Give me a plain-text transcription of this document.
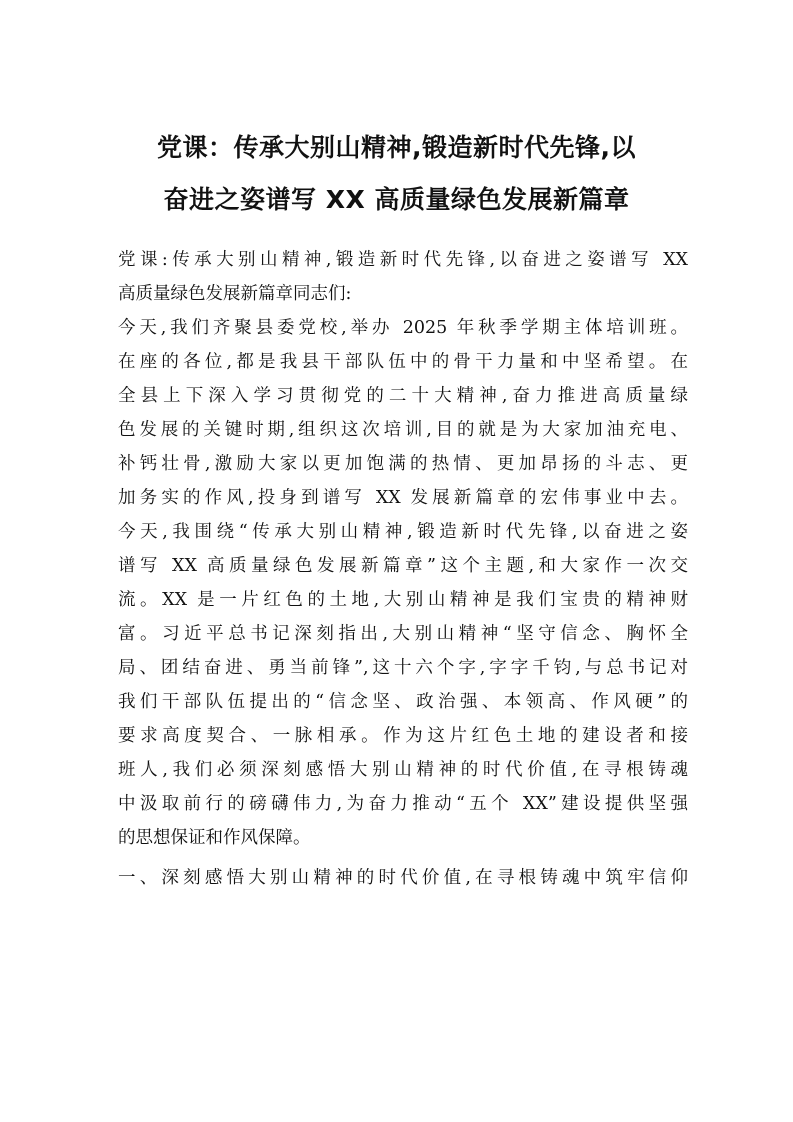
党课：传承大别山精神,锻造新时代先锋,以
奋进之姿谱写 XX 高质量绿色发展新篇章
党课:传承大别山精神,锻造新时代先锋,以奋进之姿谱写 XX
高质量绿色发展新篇章同志们:
今天,我们齐聚县委党校,举办 2025 年秋季学期主体培训班。
在座的各位,都是我县干部队伍中的骨干力量和中坚希望。在
全县上下深入学习贯彻党的二十大精神,奋力推进高质量绿
色发展的关键时期,组织这次培训,目的就是为大家加油充电、
补钙壮骨,激励大家以更加饱满的热情、更加昂扬的斗志、更
加务实的作风,投身到谱写 XX 发展新篇章的宏伟事业中去。
今天,我围绕“传承大别山精神,锻造新时代先锋,以奋进之姿
谱写 XX 高质量绿色发展新篇章”这个主题,和大家作一次交
流。XX 是一片红色的土地,大别山精神是我们宝贵的精神财
富。习近平总书记深刻指出,大别山精神“坚守信念、胸怀全
局、团结奋进、勇当前锋”,这十六个字,字字千钧,与总书记对
我们干部队伍提出的“信念坚、政治强、本领高、作风硬”的
要求高度契合、一脉相承。作为这片红色土地的建设者和接
班人,我们必须深刻感悟大别山精神的时代价值,在寻根铸魂
中汲取前行的磅礴伟力,为奋力推动“五个 XX”建设提供坚强
的思想保证和作风保障。
一、深刻感悟大别山精神的时代价值,在寻根铸魂中筑牢信仰
